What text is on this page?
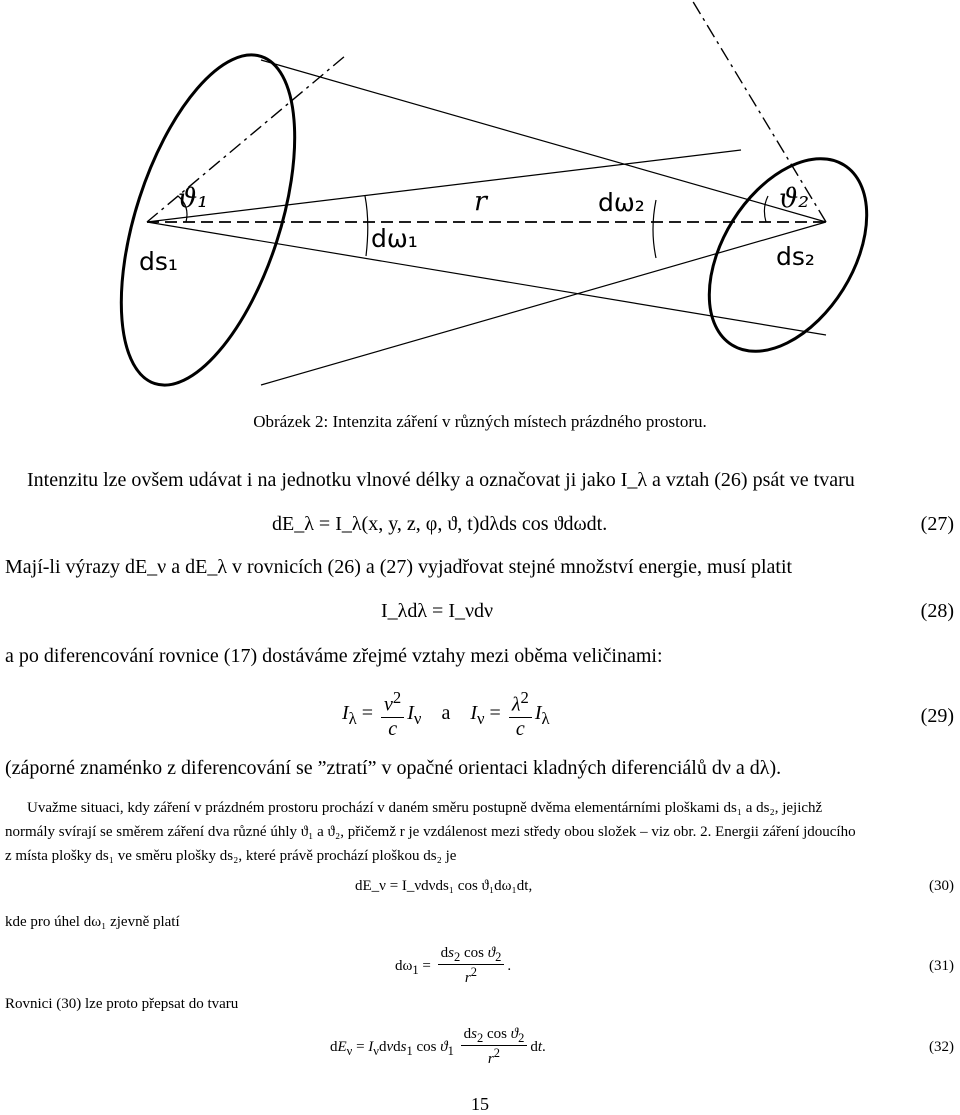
ϑ₁	r	dω₂	ϑ₂
ds₁
dω₁
ds₂
Obrázek 2: Intenzita záření v různých místech prázdného prostoru.
Intenzitu lze ovšem udávat i na jednotku vlnové délky a označovat ji jako I_λ a vztah (26) psát ve tvaru
dE_λ = I_λ(x, y, z, φ, ϑ, t)dλds cos ϑdωdt.	(27)
Mají-li výrazy dE_ν a dE_λ v rovnicích (26) a (27) vyjadřovat stejné množství energie, musí platit
I_λdλ = I_νdν	(28)
a po diferencování rovnice (17) dostáváme zřejmé vztahy mezi oběma veličinami:
$I_\lambda = \frac{\nu^2}{c} I_\nu$    a    $I_\nu = \frac{\lambda^2}{c} I_\lambda$	(29)
(záporné znaménko z diferencování se ”ztratí” v opačné orientaci kladných diferenciálů dν a dλ).
Uvažme situaci, kdy záření v prázdném prostoru prochází v daném směru postupně dvěma elementárními ploškami ds₁ a ds₂, jejichž
normály svírají se směrem záření dva různé úhly ϑ₁ a ϑ₂, přičemž r je vzdálenost mezi středy obou složek – viz obr. 2. Energii záření jdoucího
z místa plošky ds₁ ve směru plošky ds₂, které právě prochází ploškou ds₂ je
dE_ν = I_νdνds₁ cos ϑ₁dω₁dt,	(30)
kde pro úhel dω₁ zjevně platí
$d\omega_1 = \frac{ds_2 \cos ϑ_2}{r^2}$ .	(31)
Rovnici (30) lze proto přepsat do tvaru
$dE_\nu = I_\nu d\nu ds_1$ $\cos ϑ_1 \frac{ds_2 \cos ϑ_2}{r^2}$ dt.	(32)
15
